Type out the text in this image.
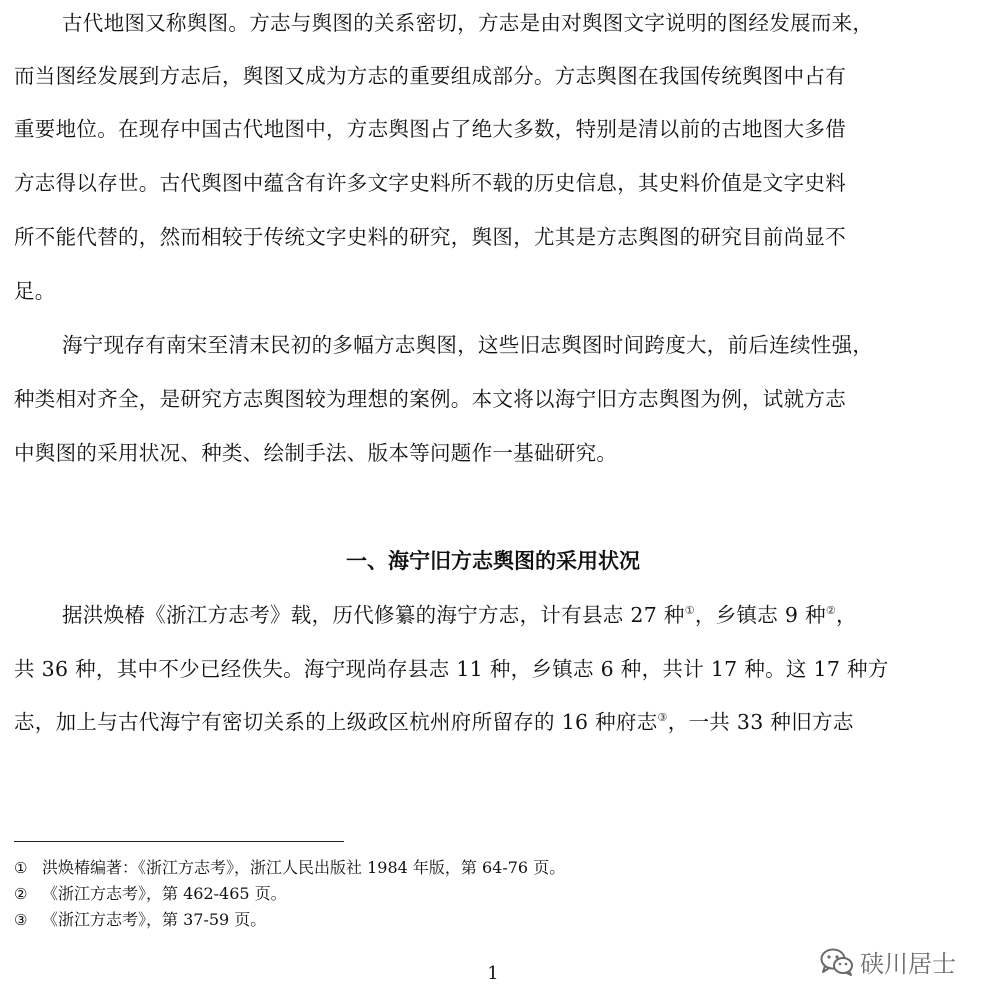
古代地图又称舆图。方志与舆图的关系密切，方志是由对舆图文字说明的图经发展而来，
而当图经发展到方志后，舆图又成为方志的重要组成部分。方志舆图在我国传统舆图中占有
重要地位。在现存中国古代地图中，方志舆图占了绝大多数，特别是清以前的古地图大多借
方志得以存世。古代舆图中蕴含有许多文字史料所不载的历史信息，其史料价值是文字史料
所不能代替的，然而相较于传统文字史料的研究，舆图，尤其是方志舆图的研究目前尚显不
足。
海宁现存有南宋至清末民初的多幅方志舆图，这些旧志舆图时间跨度大，前后连续性强，
种类相对齐全，是研究方志舆图较为理想的案例。本文将以海宁旧方志舆图为例，试就方志
中舆图的采用状况、种类、绘制手法、版本等问题作一基础研究。
一、海宁旧方志舆图的采用状况
据洪焕椿《浙江方志考》载，历代修纂的海宁方志，计有县志 27 种①，乡镇志 9 种②，
共 36 种，其中不少已经佚失。海宁现尚存县志 11 种，乡镇志 6 种，共计 17 种。这 17 种方
志，加上与古代海宁有密切关系的上级政区杭州府所留存的 16 种府志③，一共 33 种旧方志
① 洪焕椿编著：《浙江方志考》，浙江人民出版社 1984 年版，第 64-76 页。
② 《浙江方志考》，第 462-465 页。
③ 《浙江方志考》，第 37-59 页。
硖川居士
1
